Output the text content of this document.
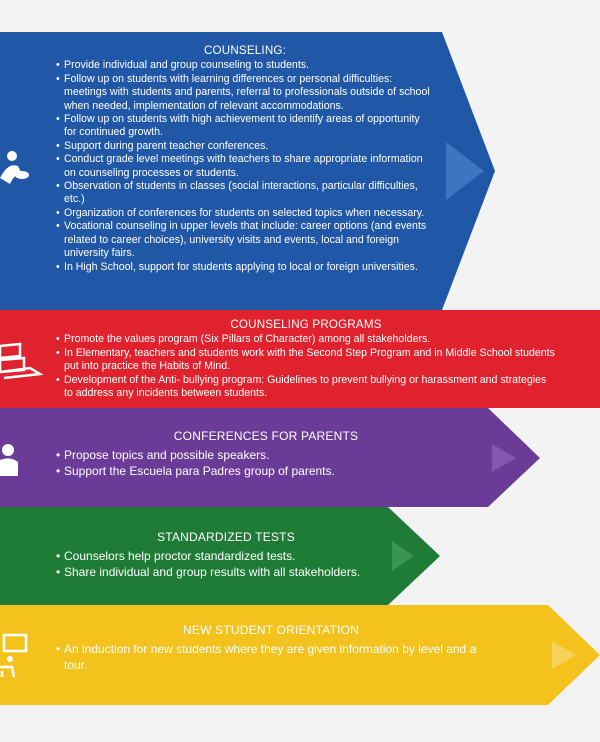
COUNSELING:
• Provide individual and group counseling to students.
• Follow up on students with learning differences or personal difficulties: meetings with students and parents, referral to professionals outside of school when needed, implementation of relevant accommodations.
• Follow up on students with high achievement to identify areas of opportunity for continued growth.
• Support during parent teacher conferences.
• Conduct grade level meetings with teachers to share appropriate information on counseling processes or students.
• Observation of students in classes (social interactions, particular difficulties, etc.)
• Organization of conferences for students on selected topics when necessary.
• Vocational counseling in upper levels that include: career options (and events related to career choices), university visits and events, local and foreign university fairs.
• In High School, support for students applying to local or foreign universities.
COUNSELING PROGRAMS
• Promote the values program (Six Pillars of Character) among all stakeholders.
• In Elementary, teachers and students work with the Second Step Program and in Middle School students put into practice the Habits of Mind.
• Development of the Anti- bullying program: Guidelines to prevent bullying or harassment and strategies to address any incidents between students.
CONFERENCES FOR PARENTS
• Propose topics and possible speakers.
• Support the Escuela para Padres group of parents.
STANDARDIZED TESTS
• Counselors help proctor standardized tests.
• Share individual and group results with all stakeholders.
NEW STUDENT ORIENTATION
• An induction for new students where they are given information by level and a tour.
